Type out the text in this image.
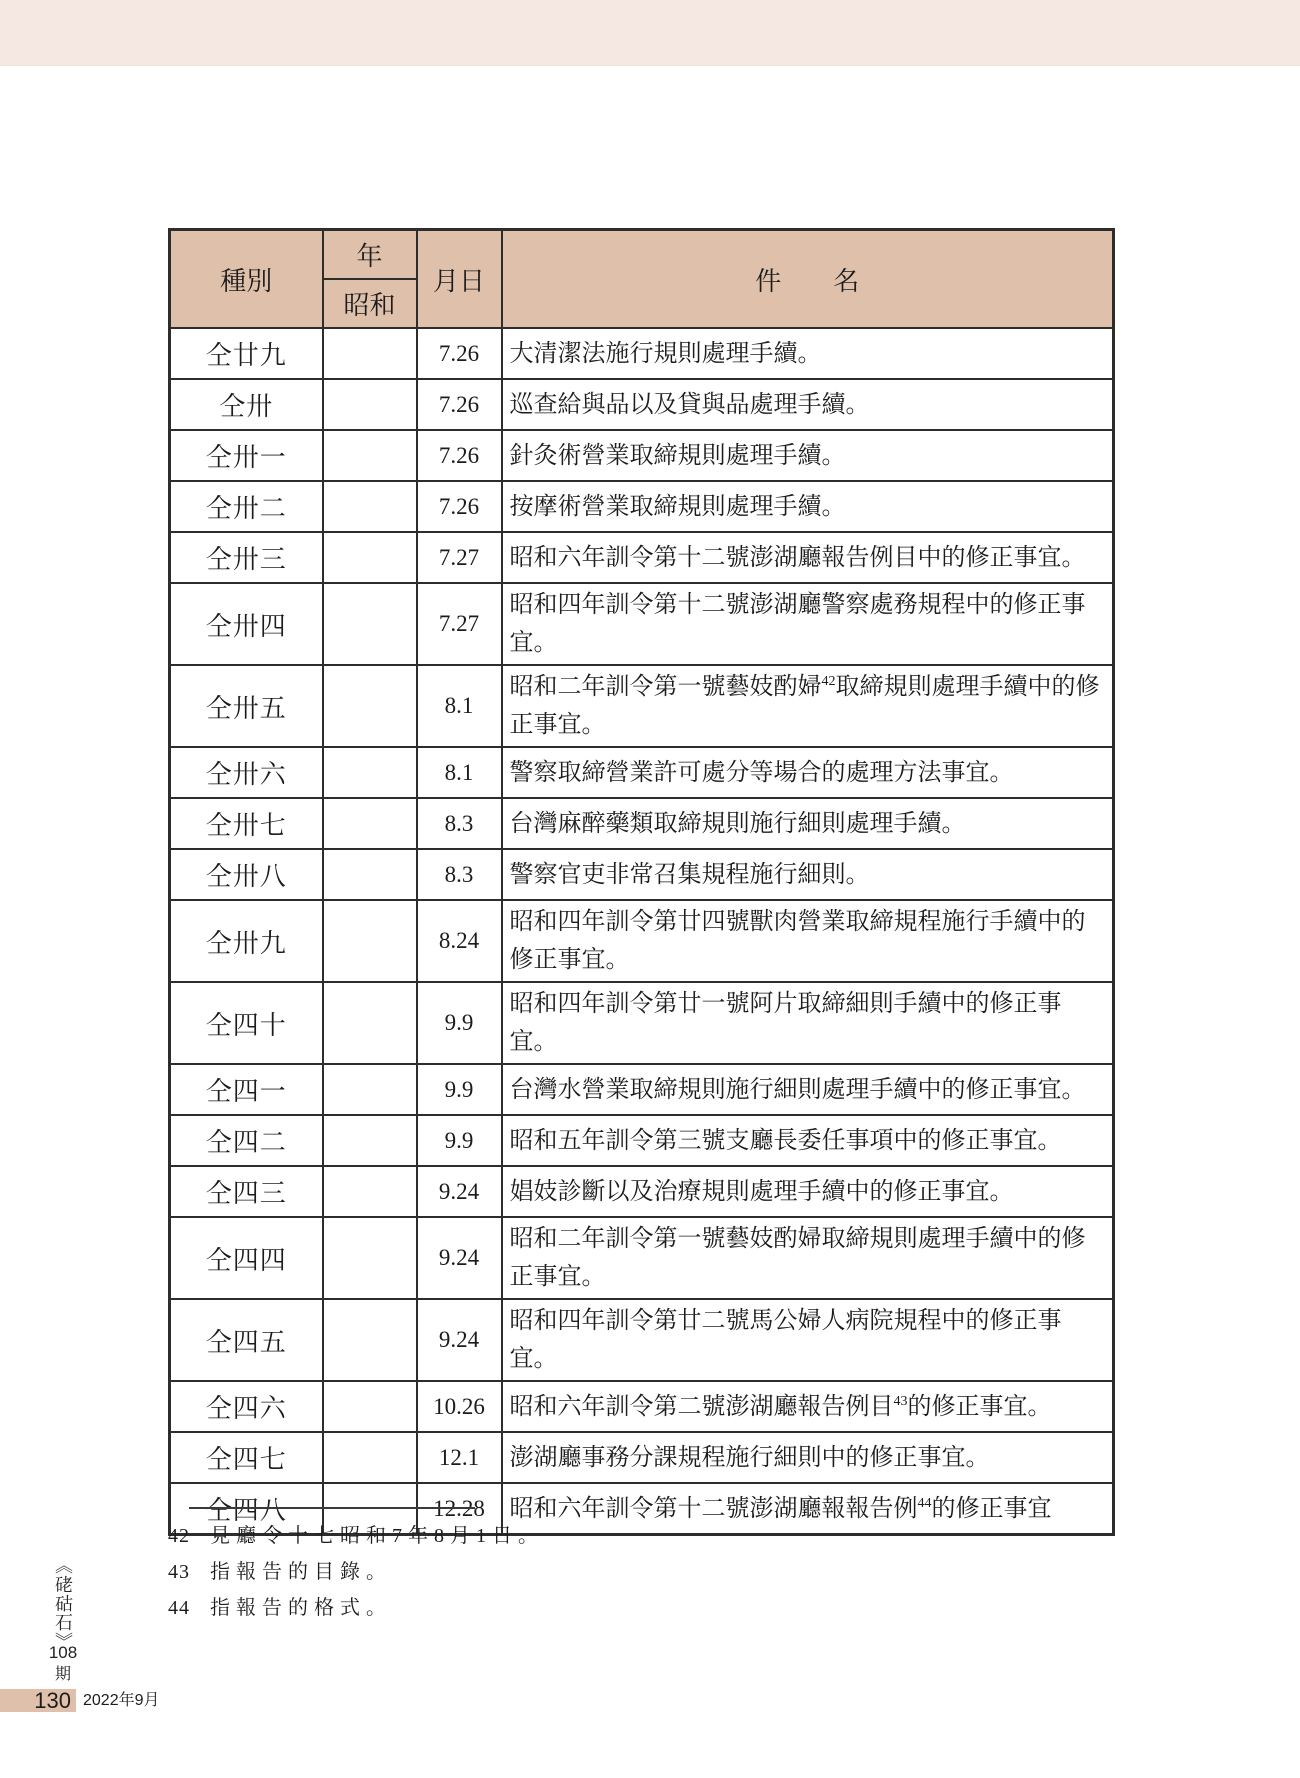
種別	年	月日	件　　名
	昭和		
仝廿九		7.26	大清潔法施行規則處理手續。
仝卅		7.26	巡查給與品以及貸與品處理手續。
仝卅一		7.26	針灸術營業取締規則處理手續。
仝卅二		7.26	按摩術營業取締規則處理手續。
仝卅三		7.27	昭和六年訓令第十二號澎湖廳報告例目中的修正事宜。
仝卅四		7.27	昭和四年訓令第十二號澎湖廳警察處務規程中的修正事宜。
仝卅五		8.1	昭和二年訓令第一號藝妓酌婦$^{42}$取締規則處理手續中的修正事宜。
仝卅六		8.1	警察取締營業許可處分等場合的處理方法事宜。
仝卅七		8.3	台灣麻醉藥類取締規則施行細則處理手續。
仝卅八		8.3	警察官吏非常召集規程施行細則。
仝卅九		8.24	昭和四年訓令第廿四號獸肉營業取締規程施行手續中的修正事宜。
仝四十		9.9	昭和四年訓令第廿一號阿片取締細則手續中的修正事宜。
仝四一		9.9	台灣水營業取締規則施行細則處理手續中的修正事宜。
仝四二		9.9	昭和五年訓令第三號支廳長委任事項中的修正事宜。
仝四三		9.24	娼妓診斷以及治療規則處理手續中的修正事宜。
仝四四		9.24	昭和二年訓令第一號藝妓酌婦取締規則處理手續中的修正事宜。
仝四五		9.24	昭和四年訓令第廿二號馬公婦人病院規程中的修正事宜。
仝四六		10.26	昭和六年訓令第二號澎湖廳報告例目$^{43}$的修正事宜。
仝四七		12.1	澎湖廳事務分課規程施行細則中的修正事宜。
仝四八		12.28	昭和六年訓令第十二號澎湖廳報報告例$^{44}$的修正事宜
42 見廳令十七昭和7年8月1日。
43 指報告的目錄。
44 指報告的格式。
《硓𥑮石》
108
期
130 2022年9月
